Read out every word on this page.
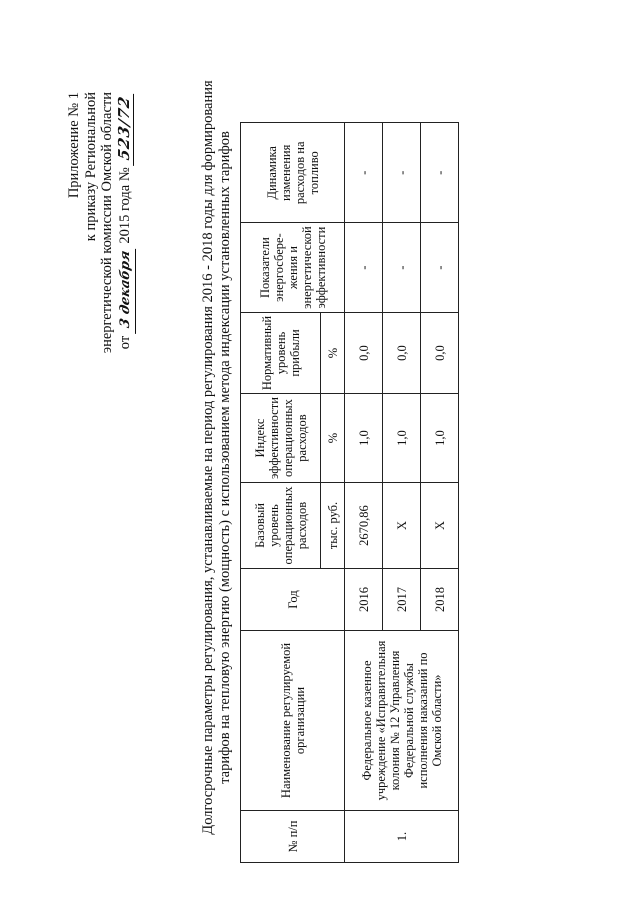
Приложение № 1 к приказу Региональной энергетической комиссии Омской области от 3 декабря 2015 года № 523/72	Долгосрочные параметры регулирования, устанавливаемые на период регулирования 2016 - 2018 годы для формирования тарифов на тепловую энергию (мощность) с использованием метода индексации установленных тарифов
№ п/п	Наименование регулируемой организации	Год	Базовый уровень операционных расходов	Индекс эффективности операционных расходов	Нормативный уровень прибыли	Показатели энергосбере-жения и энергетической эффективности	Динамика изменения расходов на топливо
			тыс. руб.	%	%		
1.	Федеральное казенное учреждение «Исправительная колония № 12 Управления Федеральной службы исполнения наказаний по Омской области»	2016	2670,86	1,0	0,0	-	-
		2017	Х	1,0	0,0	-	-
		2018	Х	1,0	0,0	-	-
